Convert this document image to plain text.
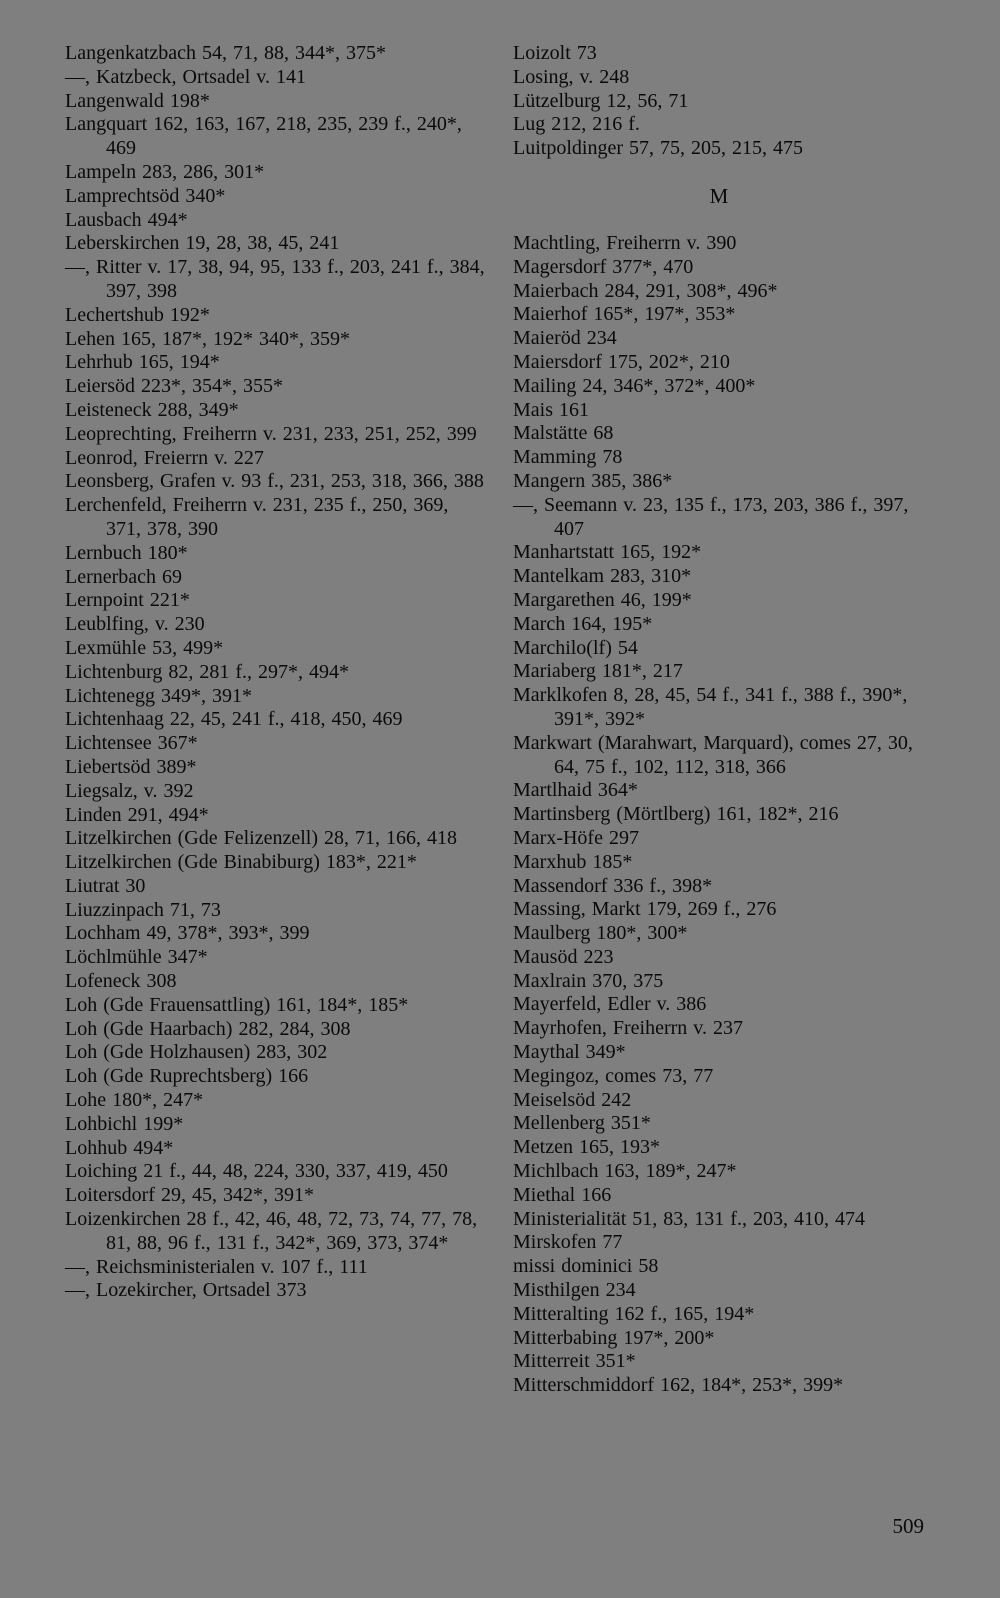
Langenkatzbach 54, 71, 88, 344*, 375*
—, Katzbeck, Ortsadel v. 141
Langenwald 198*
Langquart 162, 163, 167, 218, 235, 239 f., 240*, 469
Lampeln 283, 286, 301*
Lamprechtsöd 340*
Lausbach 494*
Leberskirchen 19, 28, 38, 45, 241
—, Ritter v. 17, 38, 94, 95, 133 f., 203, 241 f., 384, 397, 398
Lechertshub 192*
Lehen 165, 187*, 192* 340*, 359*
Lehrhub 165, 194*
Leiersöd 223*, 354*, 355*
Leisteneck 288, 349*
Leoprechting, Freiherrn v. 231, 233, 251, 252, 399
Leonrod, Freierrn v. 227
Leonsberg, Grafen v. 93 f., 231, 253, 318, 366, 388
Lerchenfeld, Freiherrn v. 231, 235 f., 250, 369, 371, 378, 390
Lernbuch 180*
Lernerbach 69
Lernpoint 221*
Leublfing, v. 230
Lexmühle 53, 499*
Lichtenburg 82, 281 f., 297*, 494*
Lichtenegg 349*, 391*
Lichtenhaag 22, 45, 241 f., 418, 450, 469
Lichtensee 367*
Liebertsöd 389*
Liegsalz, v. 392
Linden 291, 494*
Litzelkirchen (Gde Felizenzell) 28, 71, 166, 418
Litzelkirchen (Gde Binabiburg) 183*, 221*
Liutrat 30
Liuzzinpach 71, 73
Lochham 49, 378*, 393*, 399
Löchlmühle 347*
Lofeneck 308
Loh (Gde Frauensattling) 161, 184*, 185*
Loh (Gde Haarbach) 282, 284, 308
Loh (Gde Holzhausen) 283, 302
Loh (Gde Ruprechtsberg) 166
Lohe 180*, 247*
Lohbichl 199*
Lohhub 494*
Loiching 21 f., 44, 48, 224, 330, 337, 419, 450
Loitersdorf 29, 45, 342*, 391*
Loizenkirchen 28 f., 42, 46, 48, 72, 73, 74, 77, 78, 81, 88, 96 f., 131 f., 342*, 369, 373, 374*
—, Reichsministerialen v. 107 f., 111
—, Lozekircher, Ortsadel 373
Loizolt 73
Losing, v. 248
Lützelburg 12, 56, 71
Lug 212, 216 f.
Luitpoldinger 57, 75, 205, 215, 475
M
Machtling, Freiherrn v. 390
Magersdorf 377*, 470
Maierbach 284, 291, 308*, 496*
Maierhof 165*, 197*, 353*
Maieröd 234
Maiersdorf 175, 202*, 210
Mailing 24, 346*, 372*, 400*
Mais 161
Malstätte 68
Mamming 78
Mangern 385, 386*
—, Seemann v. 23, 135 f., 173, 203, 386 f., 397, 407
Manhartstatt 165, 192*
Mantelkam 283, 310*
Margarethen 46, 199*
March 164, 195*
Marchilo(lf) 54
Mariaberg 181*, 217
Marklkofen 8, 28, 45, 54 f., 341 f., 388 f., 390*, 391*, 392*
Markwart (Marahwart, Marquard), comes 27, 30, 64, 75 f., 102, 112, 318, 366
Martlhaid 364*
Martinsberg (Mörtlberg) 161, 182*, 216
Marx-Höfe 297
Marxhub 185*
Massendorf 336 f., 398*
Massing, Markt 179, 269 f., 276
Maulberg 180*, 300*
Mausöd 223
Maxlrain 370, 375
Mayerfeld, Edler v. 386
Mayrhofen, Freiherrn v. 237
Maythal 349*
Megingoz, comes 73, 77
Meiselsöd 242
Mellenberg 351*
Metzen 165, 193*
Michlbach 163, 189*, 247*
Miethal 166
Ministerialität 51, 83, 131 f., 203, 410, 474
Mirskofen 77
missi dominici 58
Misthilgen 234
Mitteralting 162 f., 165, 194*
Mitterbabing 197*, 200*
Mitterreit 351*
Mitterschmiddorf 162, 184*, 253*, 399*
509
